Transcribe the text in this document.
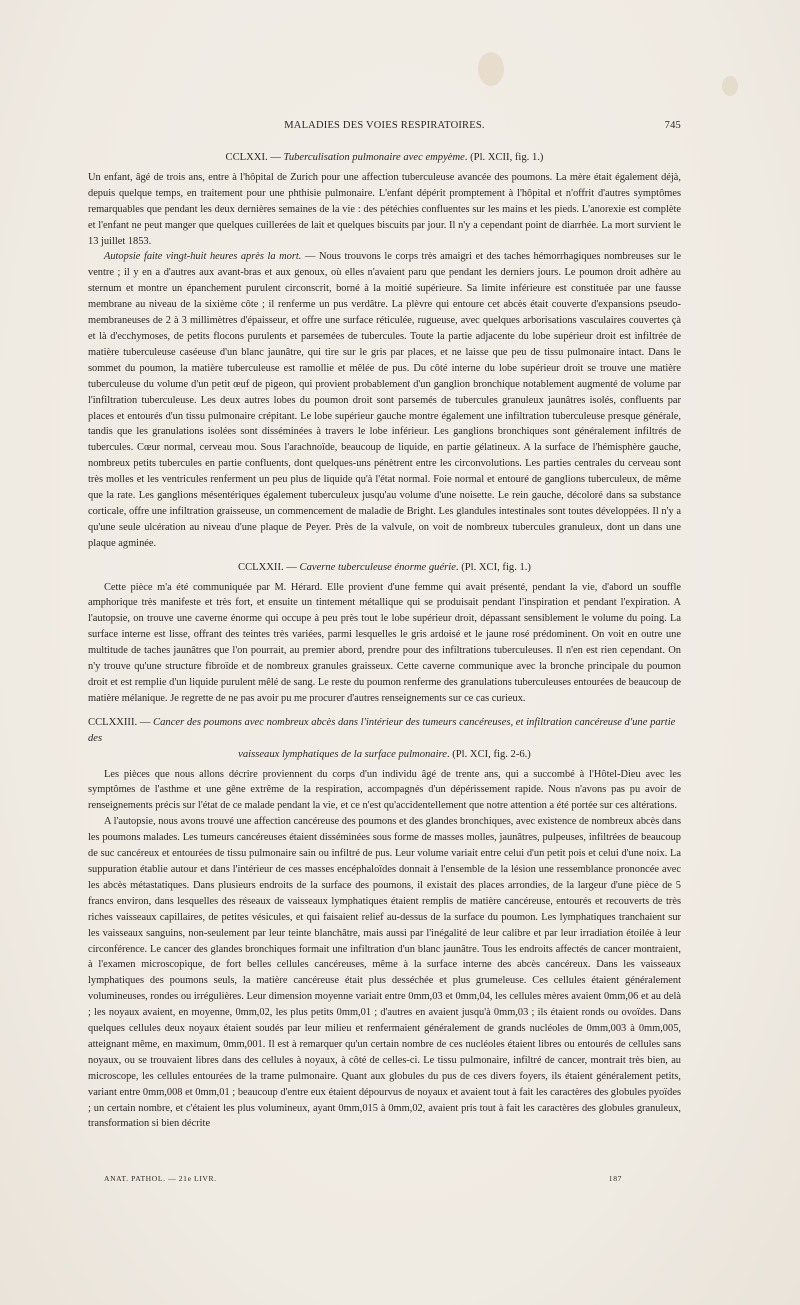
MALADIES DES VOIES RESPIRATOIRES.	745
CCLXXI. — Tuberculisation pulmonaire avec empyème. (Pl. XCII, fig. 1.)

Un enfant, âgé de trois ans, entre à l'hôpital de Zurich pour une affection tuberculeuse avancée des poumons. La mère était également déjà, depuis quelque temps, en traitement pour une phthisie pulmonaire. L'enfant dépérit promptement à l'hôpital et n'offrit d'autres symptômes remarquables que pendant les deux dernières semaines de la vie : des pétéchies confluentes sur les mains et les pieds. L'anorexie est complète et l'enfant ne peut manger que quelques cuillerées de lait et quelques biscuits par jour. Il n'y a cependant point de diarrhée. La mort survient le 13 juillet 1853.

Autopsie faite vingt-huit heures après la mort. — Nous trouvons le corps très amaigri et des taches hémorrhagiques nombreuses sur le ventre ; il y en a d'autres aux avant-bras et aux genoux, où elles n'avaient paru que pendant les derniers jours. Le poumon droit adhère au sternum et montre un épanchement purulent circonscrit, borné à la moitié supérieure. Sa limite inférieure est constituée par une fausse membrane au niveau de la sixième côte ; il renferme un pus verdâtre. La plèvre qui entoure cet abcès était couverte d'expansions pseudo-membraneuses de 2 à 3 millimètres d'épaisseur, et offre une surface réticulée, rugueuse, avec quelques arborisations vasculaires couvertes çà et là d'ecchymoses, de petits flocons purulents et parsemées de tubercules. Toute la partie adjacente du lobe supérieur droit est infiltrée de matière tuberculeuse caséeuse d'un blanc jaunâtre, qui tire sur le gris par places, et ne laisse que peu de tissu pulmonaire intact. Dans le sommet du poumon, la matière tuberculeuse est ramollie et mêlée de pus. Du côté interne du lobe supérieur droit se trouve une matière tuberculeuse du volume d'un petit œuf de pigeon, qui provient probablement d'un ganglion bronchique notablement augmenté de volume par l'infiltration tuberculeuse. Les deux autres lobes du poumon droit sont parsemés de tubercules granuleux jaunâtres isolés, confluents par places et entourés d'un tissu pulmonaire crépitant. Le lobe supérieur gauche montre également une infiltration tuberculeuse presque générale, tandis que les granulations isolées sont disséminées à travers le lobe inférieur. Les ganglions bronchiques sont généralement infiltrés de tubercules. Cœur normal, cerveau mou. Sous l'arachnoïde, beaucoup de liquide, en partie gélatineux. A la surface de l'hémisphère gauche, nombreux petits tubercules en partie confluents, dont quelques-uns pénètrent entre les circonvolutions. Les parties centrales du cerveau sont très molles et les ventricules renferment un peu plus de liquide qu'à l'état normal. Foie normal et entouré de ganglions tuberculeux, de même que la rate. Les ganglions mésentériques également tuberculeux jusqu'au volume d'une noisette. Le rein gauche, décoloré dans sa substance corticale, offre une infiltration graisseuse, un commencement de maladie de Bright. Les glandules intestinales sont toutes développées. Il n'y a qu'une seule ulcération au niveau d'une plaque de Peyer. Près de la valvule, on voit de nombreux tubercules granuleux, dont un dans une plaque agminée.

CCLXXII. — Caverne tuberculeuse énorme guérie. (Pl. XCI, fig. 1.)

Cette pièce m'a été communiquée par M. Hérard. Elle provient d'une femme qui avait présenté, pendant la vie, d'abord un souffle amphorique très manifeste et très fort, et ensuite un tintement métallique qui se produisait pendant l'inspiration et pendant l'expiration. A l'autopsie, on trouve une caverne énorme qui occupe à peu près tout le lobe supérieur droit, dépassant sensiblement le volume du poing. La surface interne est lisse, offrant des teintes très variées, parmi lesquelles le gris ardoisé et le jaune rosé prédominent. On voit en outre une multitude de taches jaunâtres que l'on pourrait, au premier abord, prendre pour des infiltrations tuberculeuses. Il n'en est rien cependant. On n'y trouve qu'une structure fibroïde et de nombreux granules graisseux. Cette caverne communique avec la bronche principale du poumon droit et est remplie d'un liquide purulent mêlé de sang. Le reste du poumon renferme des granulations tuberculeuses entourées de beaucoup de matière mélanique. Je regrette de ne pas avoir pu me procurer d'autres renseignements sur ce cas curieux.

CCLXXIII. — Cancer des poumons avec nombreux abcès dans l'intérieur des tumeurs cancéreuses, et infiltration cancéreuse d'une partie des
vaisseaux lymphatiques de la surface pulmonaire. (Pl. XCI, fig. 2-6.)

Les pièces que nous allons décrire proviennent du corps d'un individu âgé de trente ans, qui a succombé à l'Hôtel-Dieu avec les symptômes de l'asthme et une gêne extrême de la respiration, accompagnés d'un dépérissement rapide. Nous n'avons pas pu avoir de renseignements précis sur l'état de ce malade pendant la vie, et ce n'est qu'accidentellement que notre attention a été portée sur ces altérations.

A l'autopsie, nous avons trouvé une affection cancéreuse des poumons et des glandes bronchiques, avec existence de nombreux abcès dans les poumons malades. Les tumeurs cancéreuses étaient disséminées sous forme de masses molles, jaunâtres, pulpeuses, infiltrées de beaucoup de suc cancéreux et entourées de tissu pulmonaire sain ou infiltré de pus. Leur volume variait entre celui d'un petit pois et celui d'une noix. La suppuration établie autour et dans l'intérieur de ces masses encéphaloïdes donnait à l'ensemble de la lésion une ressemblance prononcée avec les abcès métastatiques. Dans plusieurs endroits de la surface des poumons, il existait des places arrondies, de la largeur d'une pièce de 5 francs environ, dans lesquelles des réseaux de vaisseaux lymphatiques étaient remplis de matière cancéreuse, entourés et recouverts de très riches vaisseaux capillaires, de petites vésicules, et qui faisaient relief au-dessus de la surface du poumon. Les lymphatiques tranchaient sur les vaisseaux sanguins, non-seulement par leur teinte blanchâtre, mais aussi par l'inégalité de leur calibre et par leur irradiation étoilée à leur circonférence. Le cancer des glandes bronchiques formait une infiltration d'un blanc jaunâtre. Tous les endroits affectés de cancer montraient, à l'examen microscopique, de fort belles cellules cancéreuses, même à la surface interne des abcès cancéreux. Dans les vaisseaux lymphatiques des poumons seuls, la matière cancéreuse était plus desséchée et plus grumeleuse. Ces cellules étaient généralement volumineuses, rondes ou irrégulières. Leur dimension moyenne variait entre 0mm,03 et 0mm,04, les cellules mères avaient 0mm,06 et au delà ; les noyaux avaient, en moyenne, 0mm,02, les plus petits 0mm,01 ; d'autres en avaient jusqu'à 0mm,03 ; ils étaient ronds ou ovoïdes. Dans quelques cellules deux noyaux étaient soudés par leur milieu et renfermaient généralement de grands nucléoles de 0mm,003 à 0mm,005, atteignant même, en maximum, 0mm,001. Il est à remarquer qu'un certain nombre de ces nucléoles étaient libres ou entourés de cellules sans noyaux, ou se trouvaient libres dans des cellules à noyaux, à côté de celles-ci. Le tissu pulmonaire, infiltré de cancer, montrait très bien, au microscope, les cellules entourées de la trame pulmonaire. Quant aux globules du pus de ces divers foyers, ils étaient généralement petits, variant entre 0mm,008 et 0mm,01 ; beaucoup d'entre eux étaient dépourvus de noyaux et avaient tout à fait les caractères des globules pyoïdes ; un certain nombre, et c'étaient les plus volumineux, ayant 0mm,015 à 0mm,02, avaient pris tout à fait les caractères des globules granuleux, transformation si bien décrite

ANAT. PATHOL. — 21e LIVR.	187
